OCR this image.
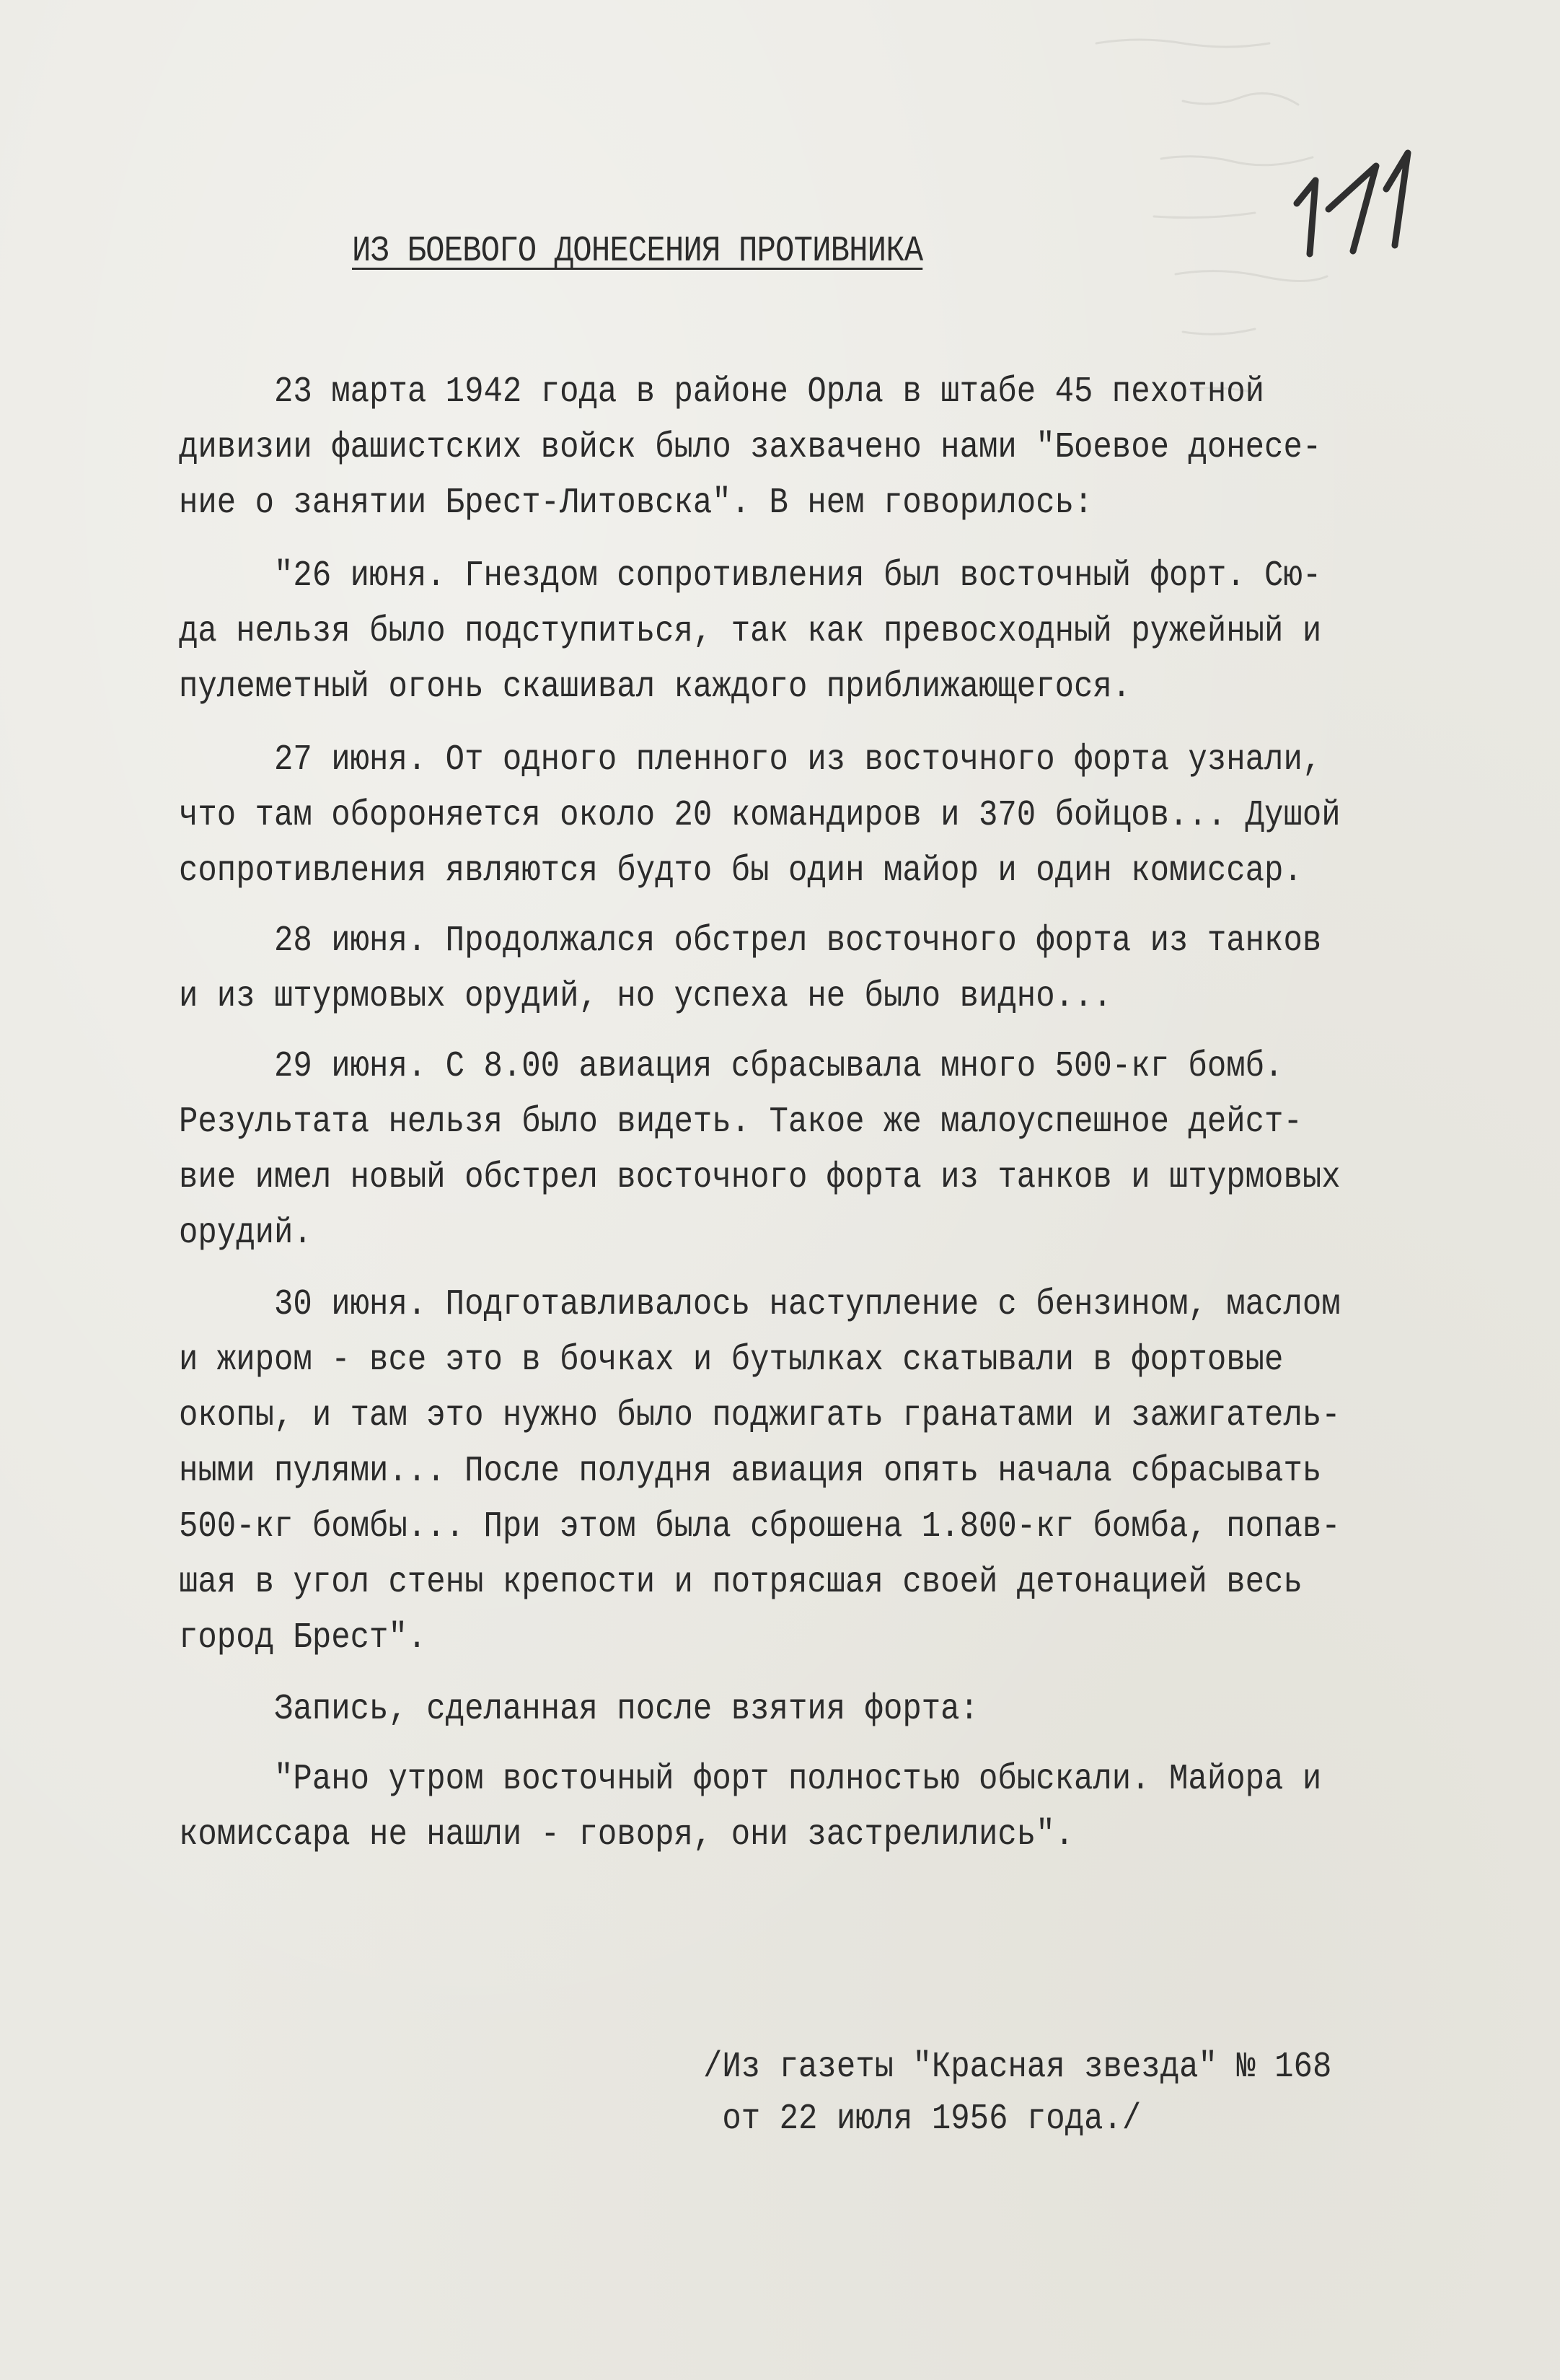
171
ИЗ БОЕВОГО ДОНЕСЕНИЯ ПРОТИВНИКА
23 марта 1942 года в районе Орла в штабе 45 пехотной
дивизии фашистских войск было захвачено нами "Боевое донесе-
ние о занятии Брест-Литовска". В нем говорилось:
"26 июня. Гнездом сопротивления был восточный форт. Сю-
да нельзя было подступиться, так как превосходный ружейный и
пулеметный огонь скашивал каждого приближающегося.
27 июня. От одного пленного из восточного форта узнали,
что там обороняется около 20 командиров и 370 бойцов... Душой
сопротивления являются будто бы один майор и один комиссар.
28 июня. Продолжался обстрел восточного форта из танков
и из штурмовых орудий, но успеха не было видно...
29 июня. С 8.00 авиация сбрасывала много 500-кг бомб.
Результата нельзя было видеть. Такое же малоуспешное дейст-
вие имел новый обстрел восточного форта из танков и штурмовых
орудий.
30 июня. Подготавливалось наступление с бензином, маслом
и жиром - все это в бочках и бутылках скатывали в фортовые
окопы, и там это нужно было поджигать гранатами и зажигатель-
ными пулями... После полудня авиация опять начала сбрасывать
500-кг бомбы... При этом была сброшена 1.800-кг бомба, попав-
шая в угол стены крепости и потрясшая своей детонацией весь
город Брест".
Запись, сделанная после взятия форта:
"Рано утром восточный форт полностью обыскали. Майора и
комиссара не нашли - говоря, они застрелились".
/Из газеты "Красная звезда" № 168
от 22 июля 1956 года./
